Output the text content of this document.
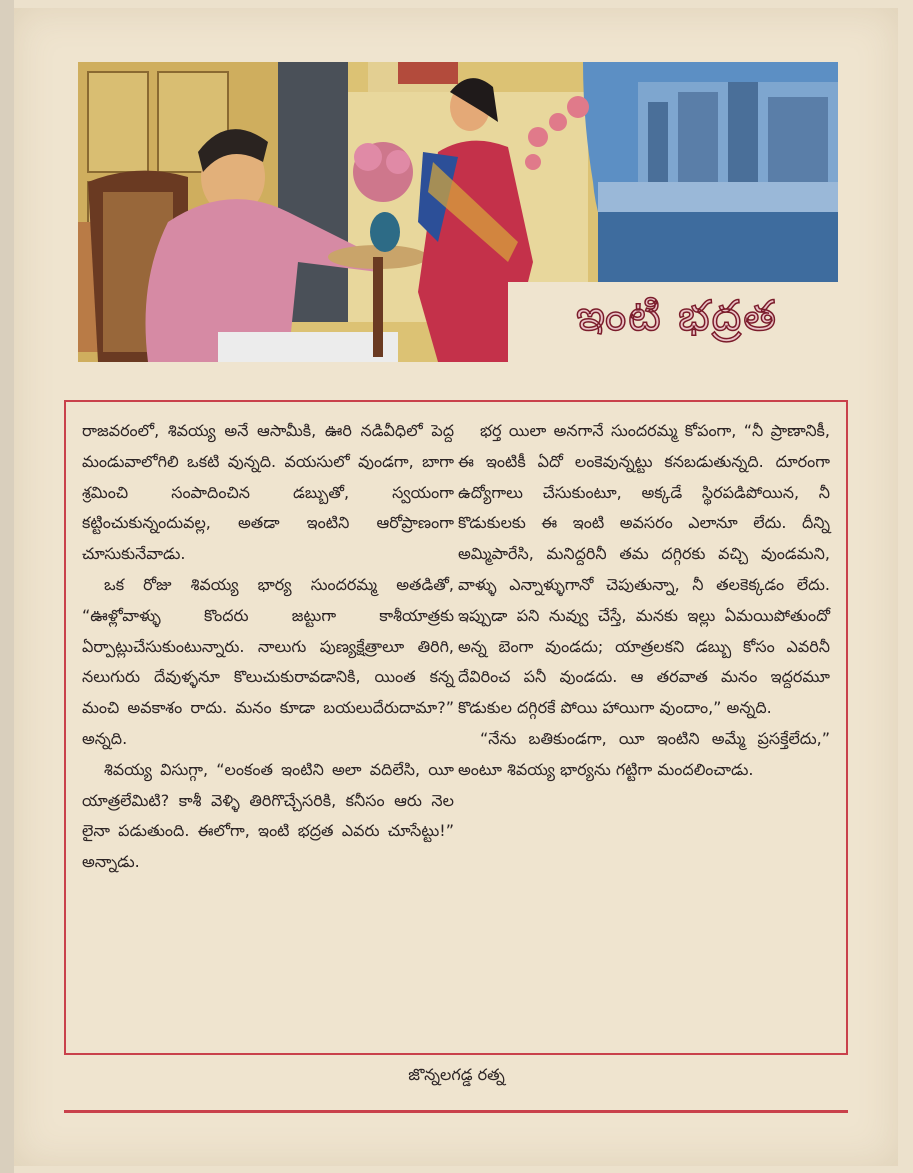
ఇంటి భద్రత

రాజవరంలో, శివయ్య అనే ఆసామీకి, ఊరి నడివీధిలో పెద్ద మండువాలోగిలి ఒకటి వున్నది. వయసులో వుండగా, బాగా శ్రమించి సంపాదించిన డబ్బుతో, స్వయంగా కట్టించుకున్నందువల్ల, అతడా ఇంటిని ఆరోప్రాణంగా చూసుకునేవాడు.

ఒక రోజు శివయ్య భార్య సుందరమ్మ అతడితో, “ఊళ్లోవాళ్ళు కొందరు జట్టుగా కాశీయాత్రకు ఏర్పాట్లుచేసుకుంటున్నారు. నాలుగు పుణ్యక్షేత్రాలూ తిరిగి, నలుగురు దేవుళ్ళనూ కొలుచుకురావడానికి, యింత కన్న మంచి అవకాశం రాదు. మనం కూడా బయలుదేరుదామా?” అన్నది.

శివయ్య విసుగ్గా, “లంకంత ఇంటిని అలా వదిలేసి, యీ యాత్రలేమిటి? కాశీ వెళ్ళి తిరిగొచ్చేసరికి, కనీసం ఆరు నెల లైనా పడుతుంది. ఈలోగా, ఇంటి భద్రత ఎవరు చూసేట్టు!” అన్నాడు.

భర్త యిలా అనగానే సుందరమ్మ కోపంగా, “నీ ప్రాణానికీ, ఈ ఇంటికీ ఏదో లంకెవున్నట్టు కనబడుతున్నది. దూరంగా ఉద్యోగాలు చేసుకుంటూ, అక్కడే స్థిరపడిపోయిన, నీ కొడుకులకు ఈ ఇంటి అవసరం ఎలానూ లేదు. దీన్ని అమ్మిపారేసి, మనిద్దరినీ తమ దగ్గిరకు వచ్చి వుండమని, వాళ్ళు ఎన్నాళ్ళుగానో చెపుతున్నా, నీ తలకెక్కడం లేదు. ఇప్పుడా పని నువ్వు చేస్తే, మనకు ఇల్లు ఏమయిపోతుందో అన్న బెంగా వుండదు; యాత్రలకని డబ్బు కోసం ఎవరినీ దేవిరించ పనీ వుండదు. ఆ తరవాత మనం ఇద్దరమూ కొడుకుల దగ్గిరకే పోయి హాయిగా వుందాం,” అన్నది.

“నేను బతికుండగా, యీ ఇంటిని అమ్మే ప్రసక్తేలేదు,” అంటూ శివయ్య భార్యను గట్టిగా మందలించాడు.

జొన్నలగడ్డ రత్న
